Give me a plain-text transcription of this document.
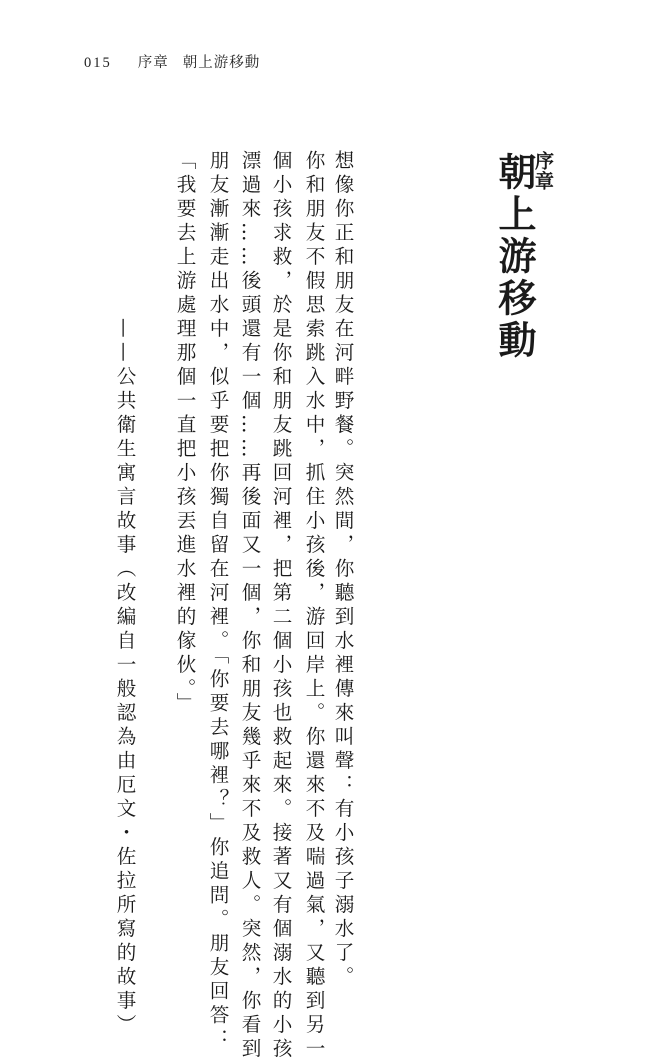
015 序章 朝上游移動
序章
朝上游移動
想像你正和朋友在河畔野餐。突然間，你聽到水裡傳來叫聲：有小孩子溺水了。
你和朋友不假思索跳入水中，抓住小孩後，游回岸上。你還來不及喘過氣，又聽到另一
個小孩求救，於是你和朋友跳回河裡，把第二個小孩也救起來。接著又有個溺水的小孩
漂過來……後頭還有一個……再後面又一個，你和朋友幾乎來不及救人。突然，你看到
朋友漸漸走出水中，似乎要把你獨自留在河裡。「你要去哪裡？」你追問。朋友回答：
「我要去上游處理那個一直把小孩丟進水裡的傢伙。」
——公共衛生寓言故事（改編自一般認為由厄文・佐拉所寫的故事）
